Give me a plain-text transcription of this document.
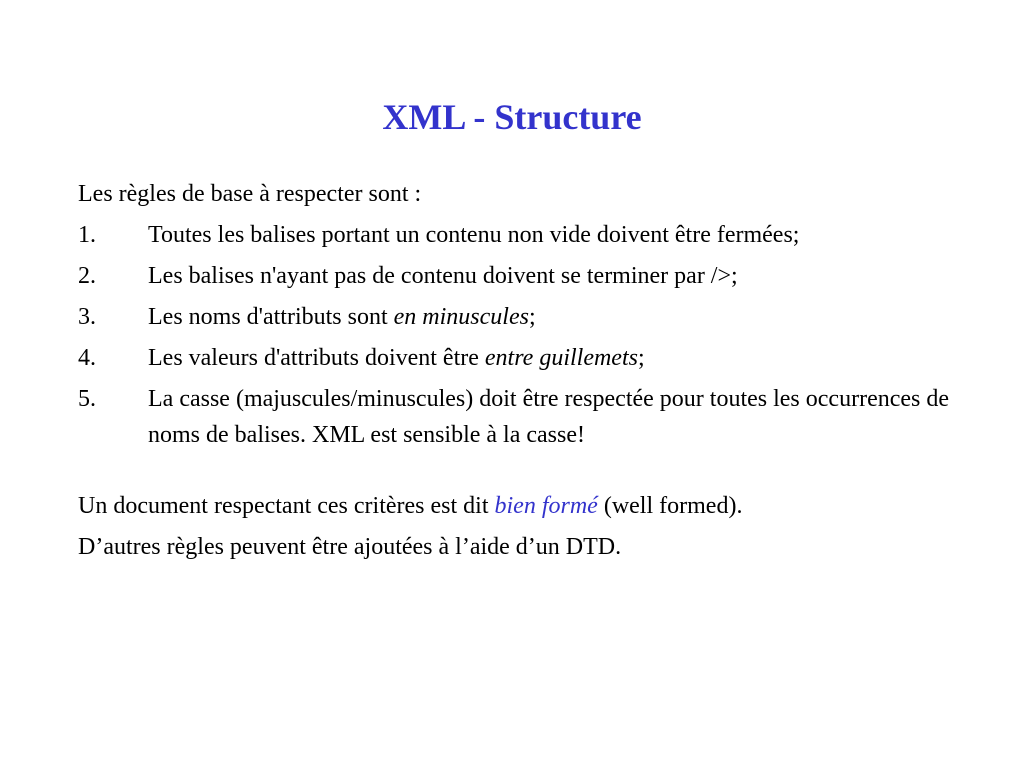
XML - Structure

Les règles de base à respecter sont :

1.	Toutes les balises portant un contenu non vide doivent être fermées;
2.	Les balises n'ayant pas de contenu doivent se terminer par />;
3.	Les noms d'attributs sont en minuscules;
4.	Les valeurs d'attributs doivent être entre guillemets;
5.	La casse (majuscules/minuscules) doit être respectée pour toutes les occurrences de noms de balises. XML est sensible à la casse!

Un document respectant ces critères est dit bien formé (well formed).

D’autres règles peuvent être ajoutées à l’aide d’un DTD.
